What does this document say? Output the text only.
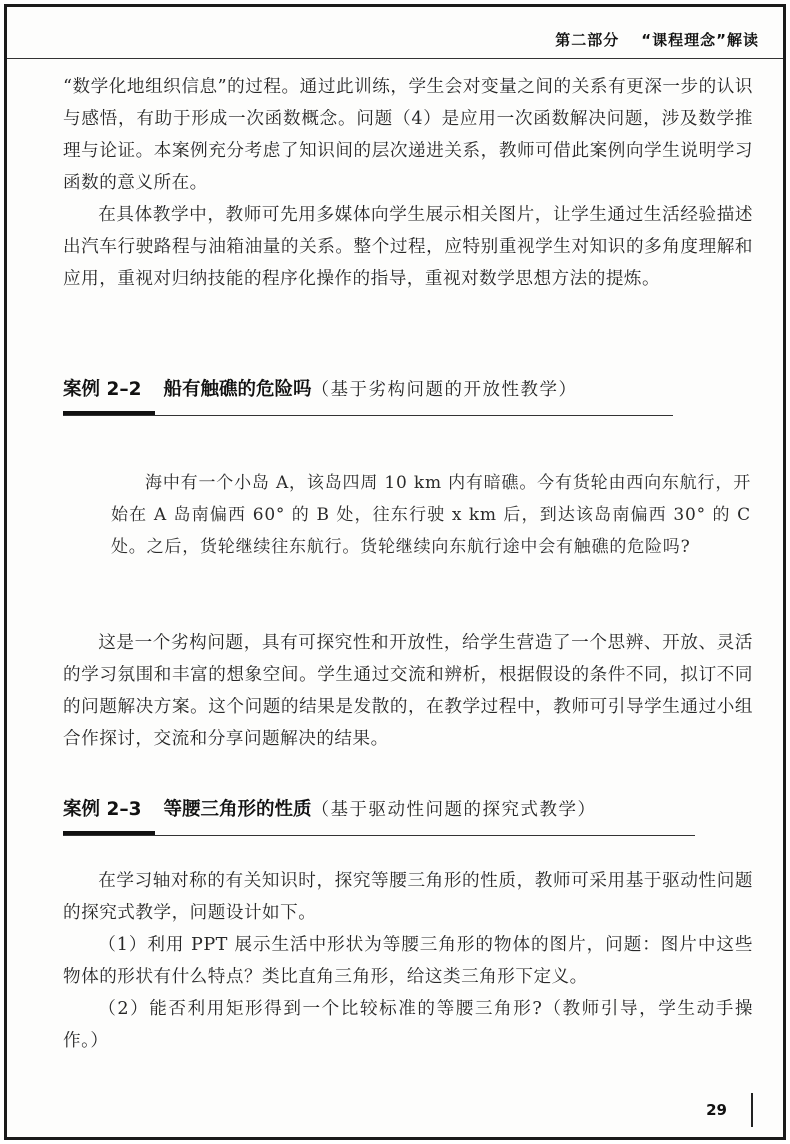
第二部分 “课程理念”解读

“数学化地组织信息”的过程。通过此训练，学生会对变量之间的关系有更深一步的认识与感悟，有助于形成一次函数概念。问题（4）是应用一次函数解决问题，涉及数学推理与论证。本案例充分考虑了知识间的层次递进关系，教师可借此案例向学生说明学习函数的意义所在。

在具体教学中，教师可先用多媒体向学生展示相关图片，让学生通过生活经验描述出汽车行驶路程与油箱油量的关系。整个过程，应特别重视学生对知识的多角度理解和应用，重视对归纳技能的程序化操作的指导，重视对数学思想方法的提炼。

案例 2–2 船有触礁的危险吗（基于劣构问题的开放性教学）
海中有一个小岛 A，该岛四周 10 km 内有暗礁。今有货轮由西向东航行，开始在 A 岛南偏西 60° 的 B 处，往东行驶 x km 后，到达该岛南偏西 30° 的 C 处。之后，货轮继续往东航行。货轮继续向东航行途中会有触礁的危险吗?

这是一个劣构问题，具有可探究性和开放性，给学生营造了一个思辨、开放、灵活的学习氛围和丰富的想象空间。学生通过交流和辨析，根据假设的条件不同，拟订不同的问题解决方案。这个问题的结果是发散的，在教学过程中，教师可引导学生通过小组合作探讨，交流和分享问题解决的结果。

案例 2–3 等腰三角形的性质（基于驱动性问题的探究式教学）

在学习轴对称的有关知识时，探究等腰三角形的性质，教师可采用基于驱动性问题的探究式教学，问题设计如下。

（1）利用 PPT 展示生活中形状为等腰三角形的物体的图片，问题：图片中这些物体的形状有什么特点？类比直角三角形，给这类三角形下定义。

（2）能否利用矩形得到一个比较标准的等腰三角形?（教师引导，学生动手操作。）

29
